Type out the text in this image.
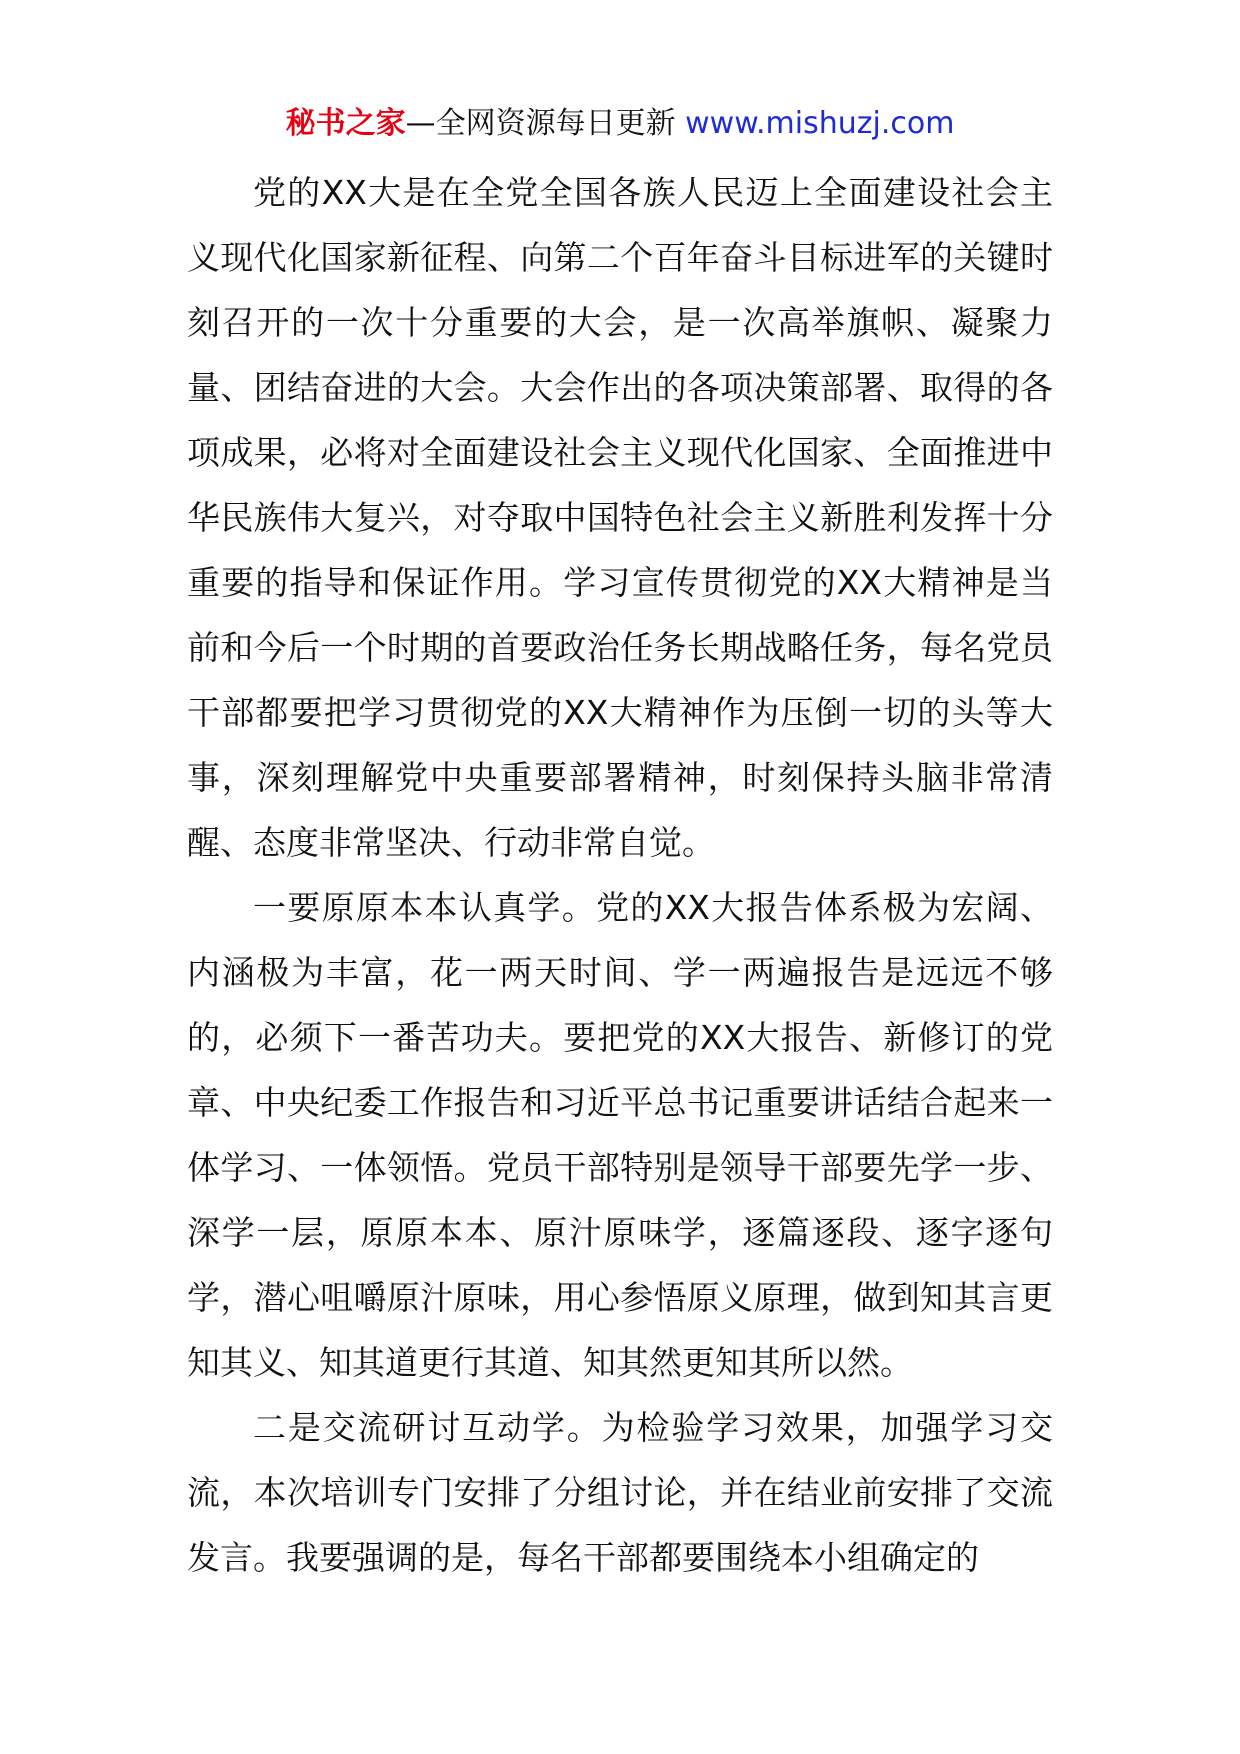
秘书之家—全网资源每日更新 www.mishuzj.com

党的XX大是在全党全国各族人民迈上全面建设社会主义现代化国家新征程、向第二个百年奋斗目标进军的关键时刻召开的一次十分重要的大会，是一次高举旗帜、凝聚力量、团结奋进的大会。大会作出的各项决策部署、取得的各项成果，必将对全面建设社会主义现代化国家、全面推进中华民族伟大复兴，对夺取中国特色社会主义新胜利发挥十分重要的指导和保证作用。学习宣传贯彻党的XX大精神是当前和今后一个时期的首要政治任务长期战略任务，每名党员干部都要把学习贯彻党的XX大精神作为压倒一切的头等大事，深刻理解党中央重要部署精神，时刻保持头脑非常清醒、态度非常坚决、行动非常自觉。

一要原原本本认真学。党的XX大报告体系极为宏阔、内涵极为丰富，花一两天时间、学一两遍报告是远远不够的，必须下一番苦功夫。要把党的XX大报告、新修订的党章、中央纪委工作报告和习近平总书记重要讲话结合起来一体学习、一体领悟。党员干部特别是领导干部要先学一步、深学一层，原原本本、原汁原味学，逐篇逐段、逐字逐句学，潜心咀嚼原汁原味，用心参悟原义原理，做到知其言更知其义、知其道更行其道、知其然更知其所以然。

二是交流研讨互动学。为检验学习效果，加强学习交流，本次培训专门安排了分组讨论，并在结业前安排了交流发言。我要强调的是，每名干部都要围绕本小组确定的
